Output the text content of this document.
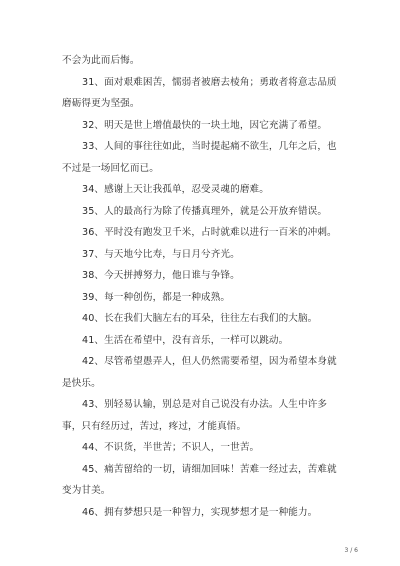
不会为此而后悔。

31、面对艰难困苦，懦弱者被磨去棱角；勇敢者将意志品质磨砺得更为坚强。

32、明天是世上增值最快的一块土地，因它充满了希望。

33、人间的事往往如此，当时提起痛不欲生，几年之后，也不过是一场回忆而已。

34、感谢上天让我孤单，忍受灵魂的磨难。

35、人的最高行为除了传播真理外，就是公开放弃错误。

36、平时没有跑发卫千米，占时就难以进行一百米的冲刺。

37、与天地兮比寿，与日月兮齐光。

38、今天拼搏努力，他日谁与争锋。

39、每一种创伤，都是一种成熟。

40、长在我们大脑左右的耳朵，往往左右我们的大脑。

41、生活在希望中，没有音乐，一样可以跳动。

42、尽管希望愚弄人，但人仍然需要希望，因为希望本身就是快乐。

43、别轻易认输，别总是对自己说没有办法。人生中许多事，只有经历过，苦过，疼过，才能真悟。

44、不识货，半世苦；不识人，一世苦。

45、痛苦留给的一切，请细加回味！苦难一经过去，苦难就变为甘美。

46、拥有梦想只是一种智力，实现梦想才是一种能力。

3 / 6
